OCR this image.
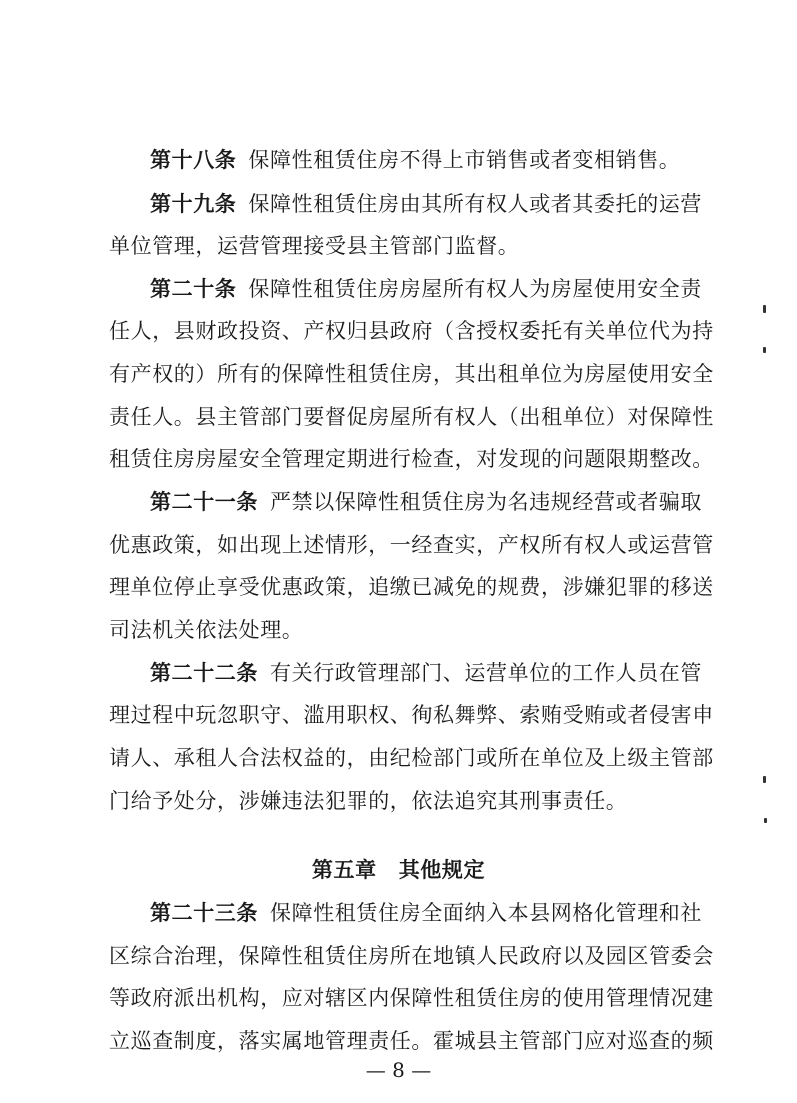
第十八条 保障性租赁住房不得上市销售或者变相销售。
第十九条 保障性租赁住房由其所有权人或者其委托的运营
单位管理，运营管理接受县主管部门监督。
第二十条 保障性租赁住房房屋所有权人为房屋使用安全责
任人，县财政投资、产权归县政府（含授权委托有关单位代为持
有产权的）所有的保障性租赁住房，其出租单位为房屋使用安全
责任人。县主管部门要督促房屋所有权人（出租单位）对保障性
租赁住房房屋安全管理定期进行检查，对发现的问题限期整改。
第二十一条 严禁以保障性租赁住房为名违规经营或者骗取
优惠政策，如出现上述情形，一经查实，产权所有权人或运营管
理单位停止享受优惠政策，追缴已减免的规费，涉嫌犯罪的移送
司法机关依法处理。
第二十二条 有关行政管理部门、运营单位的工作人员在管
理过程中玩忽职守、滥用职权、徇私舞弊、索贿受贿或者侵害申
请人、承租人合法权益的，由纪检部门或所在单位及上级主管部
门给予处分，涉嫌违法犯罪的，依法追究其刑事责任。
第五章 其他规定
第二十三条 保障性租赁住房全面纳入本县网格化管理和社
区综合治理，保障性租赁住房所在地镇人民政府以及园区管委会
等政府派出机构，应对辖区内保障性租赁住房的使用管理情况建
立巡查制度，落实属地管理责任。霍城县主管部门应对巡查的频
— 8 —
